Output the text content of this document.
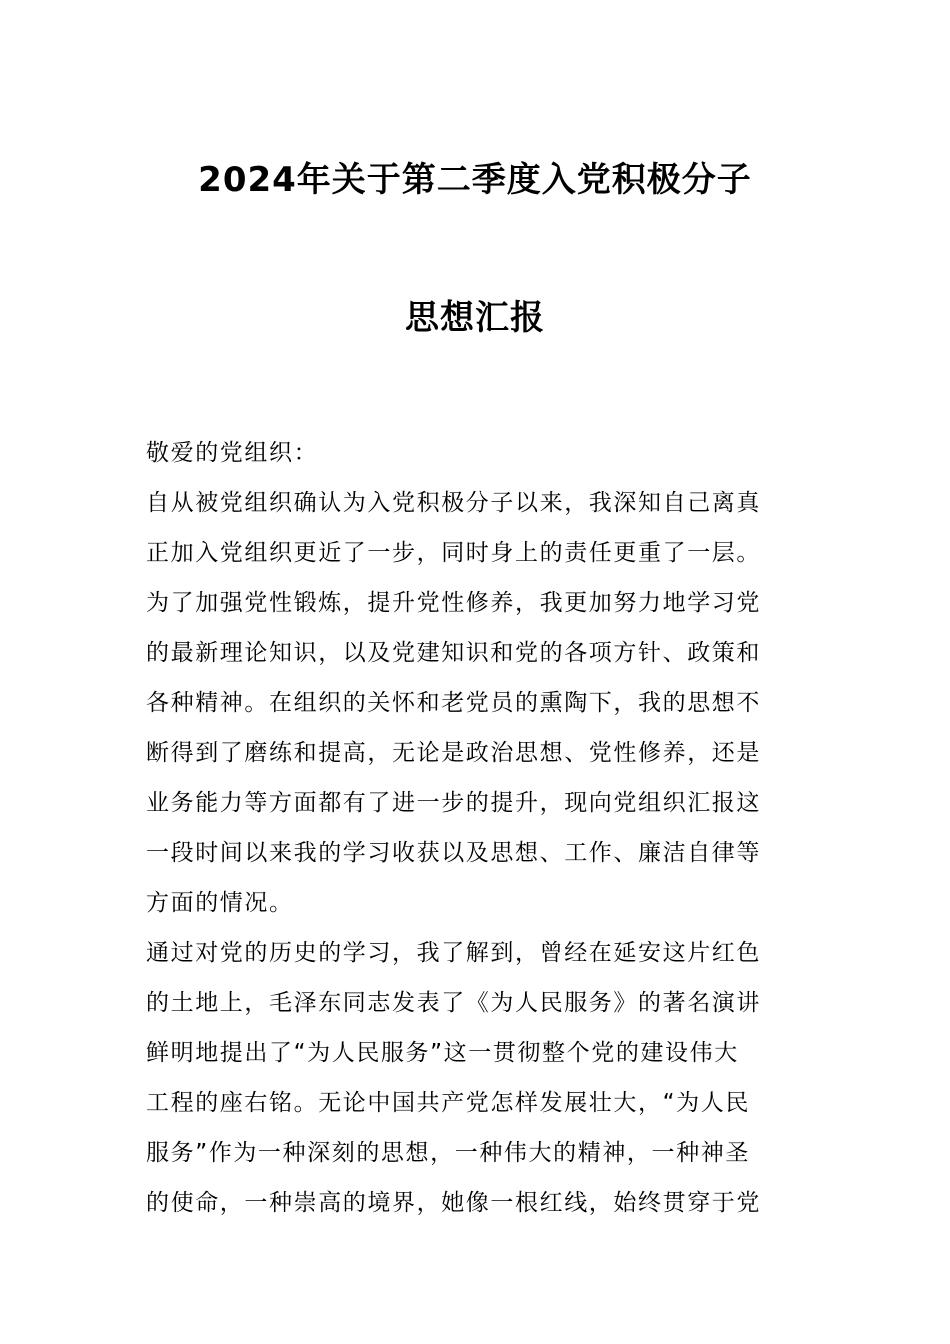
2024年关于第二季度入党积极分子
思想汇报
敬爱的党组织：
自从被党组织确认为入党积极分子以来，我深知自己离真
正加入党组织更近了一步，同时身上的责任更重了一层。
为了加强党性锻炼，提升党性修养，我更加努力地学习党
的最新理论知识，以及党建知识和党的各项方针、政策和
各种精神。在组织的关怀和老党员的熏陶下，我的思想不
断得到了磨练和提高，无论是政治思想、党性修养，还是
业务能力等方面都有了进一步的提升，现向党组织汇报这
一段时间以来我的学习收获以及思想、工作、廉洁自律等
方面的情况。
通过对党的历史的学习，我了解到，曾经在延安这片红色
的土地上，毛泽东同志发表了《为人民服务》的著名演讲
鲜明地提出了“为人民服务”这一贯彻整个党的建设伟大
工程的座右铭。无论中国共产党怎样发展壮大，“为人民
服务”作为一种深刻的思想，一种伟大的精神，一种神圣
的使命，一种崇高的境界，她像一根红线，始终贯穿于党
